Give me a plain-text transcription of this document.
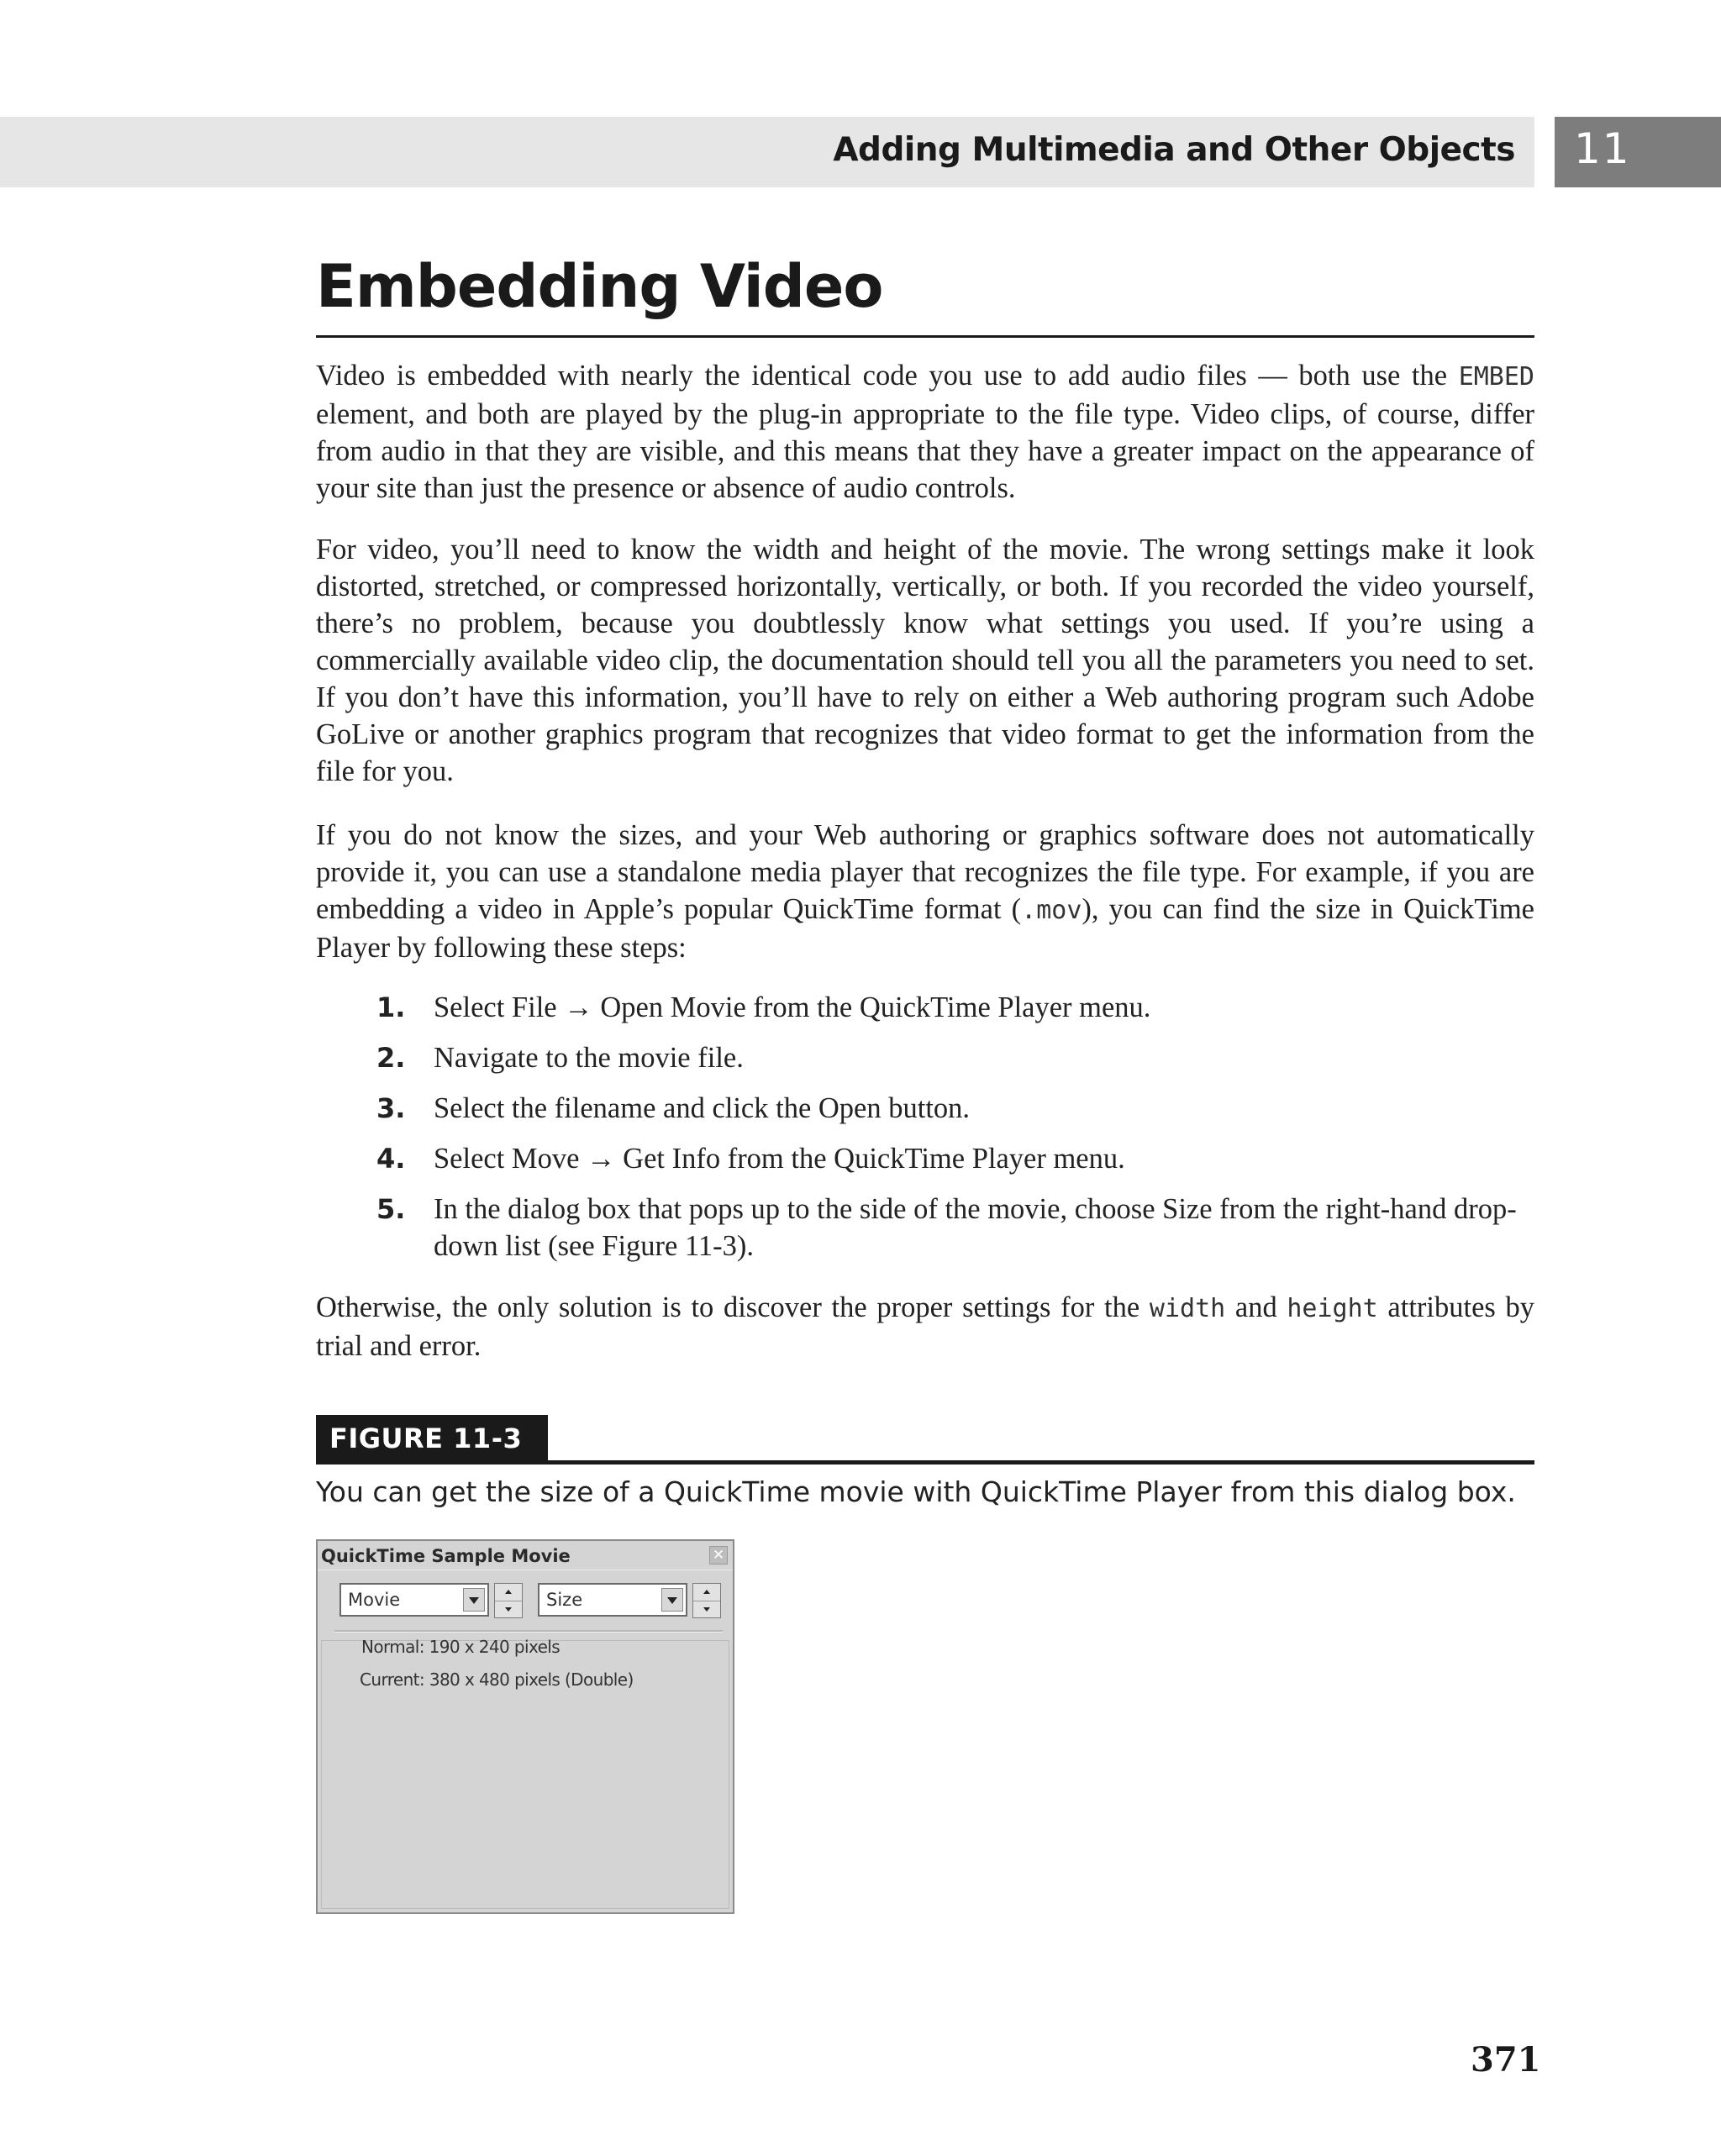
Adding Multimedia and Other Objects 11
Embedding Video

Video is embedded with nearly the identical code you use to add audio files — both use the EMBED element, and both are played by the plug-in appropriate to the file type. Video clips, of course, differ from audio in that they are visible, and this means that they have a greater impact on the appearance of your site than just the presence or absence of audio controls.

For video, you’ll need to know the width and height of the movie. The wrong settings make it look distorted, stretched, or compressed horizontally, vertically, or both. If you recorded the video yourself, there’s no problem, because you doubtlessly know what settings you used. If you’re using a commercially available video clip, the documentation should tell you all the parameters you need to set. If you don’t have this information, you’ll have to rely on either a Web authoring program such Adobe GoLive or another graphics program that recognizes that video format to get the information from the file for you.

If you do not know the sizes, and your Web authoring or graphics software does not automatically provide it, you can use a standalone media player that recognizes the file type. For example, if you are embedding a video in Apple’s popular QuickTime format (.mov), you can find the size in QuickTime Player by following these steps:

1. Select File → Open Movie from the QuickTime Player menu.
2. Navigate to the movie file.
3. Select the filename and click the Open button.
4. Select Move → Get Info from the QuickTime Player menu.
5. In the dialog box that pops up to the side of the movie, choose Size from the right-hand drop-down list (see Figure 11-3).

Otherwise, the only solution is to discover the proper settings for the width and height attributes by trial and error.

FIGURE 11-3
You can get the size of a QuickTime movie with QuickTime Player from this dialog box.
QuickTime Sample Movie	✕
Movie	Size
Normal: 190 x 240 pixels
Current: 380 x 480 pixels (Double)
371
